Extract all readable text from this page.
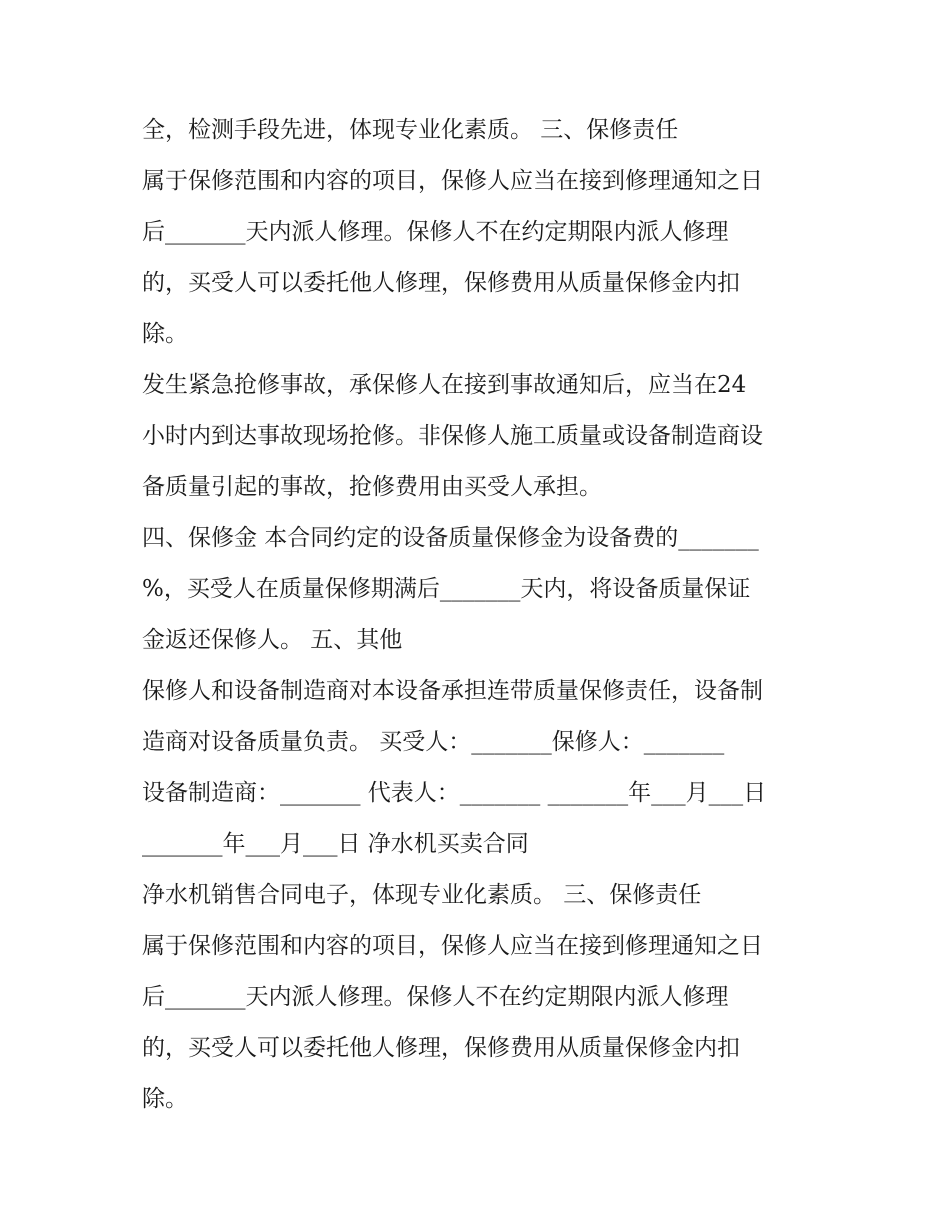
全，检测手段先进，体现专业化素质。 三、保修责任
属于保修范围和内容的项目，保修人应当在接到修理通知之日
后_______天内派人修理。保修人不在约定期限内派人修理
的，买受人可以委托他人修理，保修费用从质量保修金内扣
除。
发生紧急抢修事故，承保修人在接到事故通知后，应当在24
小时内到达事故现场抢修。非保修人施工质量或设备制造商设
备质量引起的事故，抢修费用由买受人承担。
四、保修金 本合同约定的设备质量保修金为设备费的_______
%，买受人在质量保修期满后_______天内，将设备质量保证
金返还保修人。 五、其他
保修人和设备制造商对本设备承担连带质量保修责任，设备制
造商对设备质量负责。 买受人：_______保修人：_______
设备制造商：_______ 代表人：_______ _______年___月___日
_______年___月___日 净水机买卖合同
净水机销售合同电子，体现专业化素质。 三、保修责任
属于保修范围和内容的项目，保修人应当在接到修理通知之日
后_______天内派人修理。保修人不在约定期限内派人修理
的，买受人可以委托他人修理，保修费用从质量保修金内扣
除。
